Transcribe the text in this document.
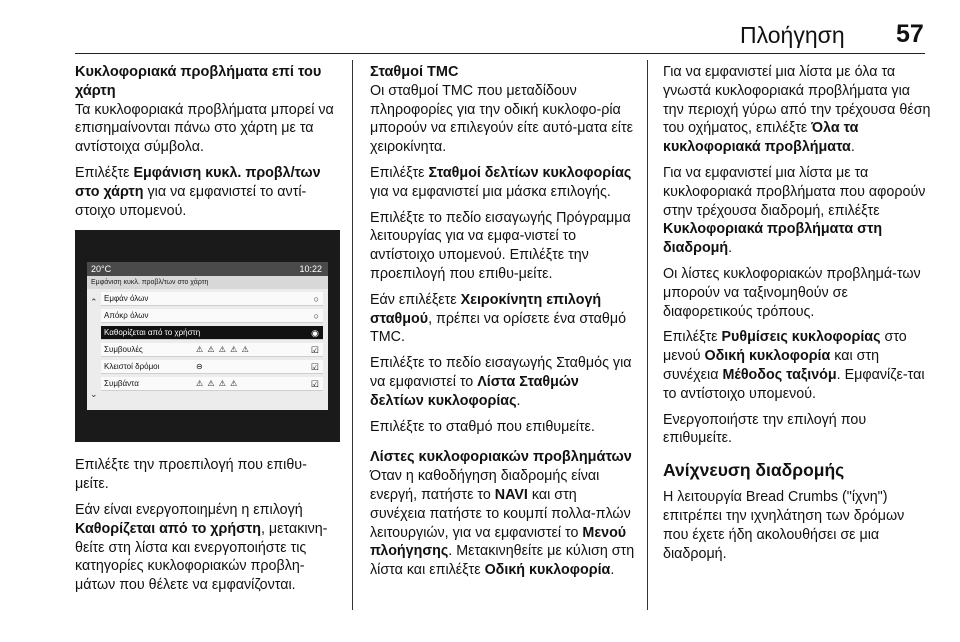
Πλοήγηση 57

Κυκλοφοριακά προβλήματα επί του χάρτη

Τα κυκλοφοριακά προβλήματα μπορεί να επισημαίνονται πάνω στο χάρτη με τα αντίστοιχα σύμβολα.

Επιλέξτε Εμφάνιση κυκλ. προβλ/των στο χάρτη για να εμφανιστεί το αντί-στοιχο υπομενού.

20°C	10:22
Εμφάνιση κυκλ. προβλ/των στο χάρτη
⌃
⌄
Εμφάν όλων	○
Απόκρ όλων	○
Καθορίζεται από το χρήστη	◉
Συμβουλές	⚠ ⚠ ⚠ ⚠ ⚠	☑
Κλειστοί δρόμοι	⊖	☑
Συμβάντα	⚠ ⚠ ⚠ ⚠	☑

Επιλέξτε την προεπιλογή που επιθυ-μείτε.

Εάν είναι ενεργοποιημένη η επιλογή Καθορίζεται από το χρήστη, μετακινη-θείτε στη λίστα και ενεργοποιήστε τις κατηγορίες κυκλοφοριακών προβλη-μάτων που θέλετε να εμφανίζονται.

Σταθμοί TMC

Οι σταθμοί TMC που μεταδίδουν πληροφορίες για την οδική κυκλοφο-ρία μπορούν να επιλεγούν είτε αυτό-ματα είτε χειροκίνητα.

Επιλέξτε Σταθμοί δελτίων κυκλοφορίας για να εμφανιστεί μια μάσκα επιλογής.

Επιλέξτε το πεδίο εισαγωγής Πρόγραμμα λειτουργίας για να εμφα-νιστεί το αντίστοιχο υπομενού. Επιλέξτε την προεπιλογή που επιθυ-μείτε.

Εάν επιλέξετε Χειροκίνητη επιλογή σταθμού, πρέπει να ορίσετε ένα σταθμό TMC.

Επιλέξτε το πεδίο εισαγωγής Σταθμός για να εμφανιστεί το Λίστα Σταθμών δελτίων κυκλοφορίας.

Επιλέξτε το σταθμό που επιθυμείτε.

Λίστες κυκλοφοριακών προβλημάτων

Όταν η καθοδήγηση διαδρομής είναι ενεργή, πατήστε το NAVI και στη συνέχεια πατήστε το κουμπί πολλα-πλών λειτουργιών, για να εμφανιστεί το Μενού πλοήγησης. Μετακινηθείτε με κύλιση στη λίστα και επιλέξτε Οδική κυκλοφορία.

Για να εμφανιστεί μια λίστα με όλα τα γνωστά κυκλοφοριακά προβλήματα για την περιοχή γύρω από την τρέχουσα θέση του οχήματος, επιλέξτε Όλα τα κυκλοφοριακά προβλήματα.

Για να εμφανιστεί μια λίστα με τα κυκλοφοριακά προβλήματα που αφορούν στην τρέχουσα διαδρομή, επιλέξτε Κυκλοφοριακά προβλήματα στη διαδρομή.

Οι λίστες κυκλοφοριακών προβλημά-των μπορούν να ταξινομηθούν σε διαφορετικούς τρόπους.

Επιλέξτε Ρυθμίσεις κυκλοφορίας στο μενού Οδική κυκλοφορία και στη συνέχεια Μέθοδος ταξινόμ. Εμφανίζε-ται το αντίστοιχο υπομενού.

Ενεργοποιήστε την επιλογή που επιθυμείτε.

Ανίχνευση διαδρομής

Η λειτουργία Bread Crumbs ("ίχνη") επιτρέπει την ιχνηλάτηση των δρόμων που έχετε ήδη ακολουθήσει σε μια διαδρομή.
